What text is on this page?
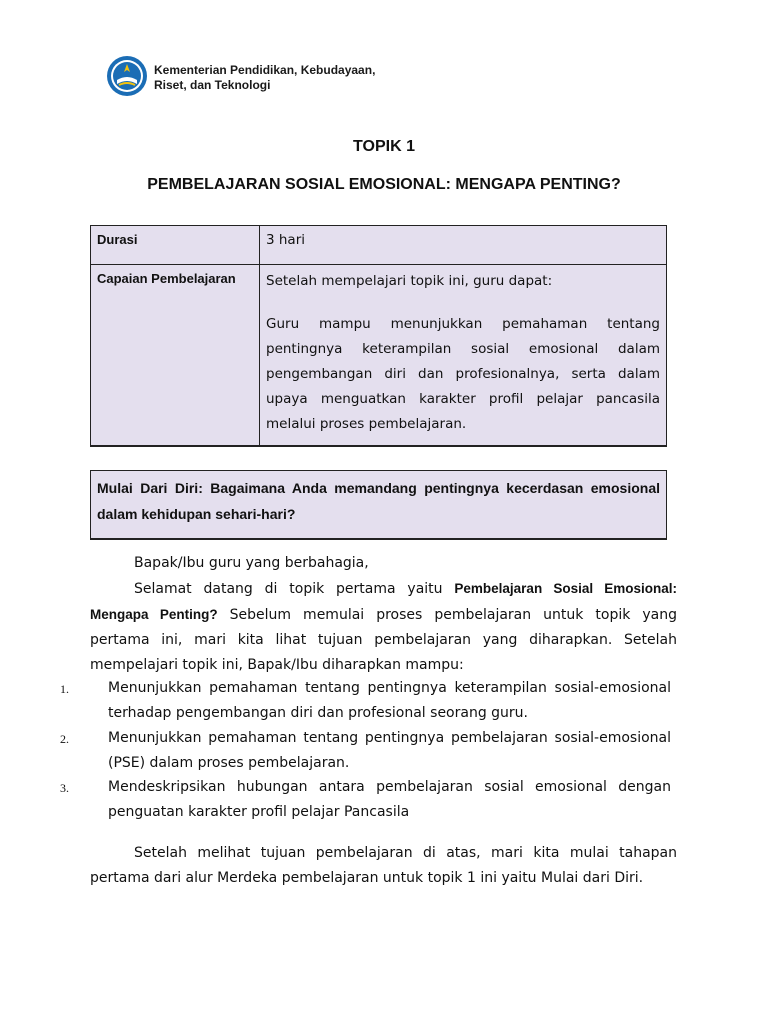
Kementerian Pendidikan, Kebudayaan,
Riset, dan Teknologi
TOPIK 1
PEMBELAJARAN SOSIAL EMOSIONAL: MENGAPA PENTING?
Durasi	3 hari
Capaian Pembelajaran	Setelah mempelajari topik ini, guru dapat:

Guru mampu menunjukkan pemahaman tentang pentingnya keterampilan sosial emosional dalam pengembangan diri dan profesionalnya, serta dalam upaya menguatkan karakter profil pelajar pancasila melalui proses pembelajaran.

Mulai Dari Diri: Bagaimana Anda memandang pentingnya kecerdasan emosional dalam kehidupan sehari-hari?
Bapak/Ibu guru yang berbahagia,
Selamat datang di topik pertama yaitu Pembelajaran Sosial Emosional: Mengapa Penting? Sebelum memulai proses pembelajaran untuk topik yang pertama ini, mari kita lihat tujuan pembelajaran yang diharapkan. Setelah mempelajari topik ini, Bapak/Ibu diharapkan mampu:
1.	Menunjukkan pemahaman tentang pentingnya keterampilan sosial-emosional terhadap pengembangan diri dan profesional seorang guru.
2.	Menunjukkan pemahaman tentang pentingnya pembelajaran sosial-emosional (PSE) dalam proses pembelajaran.
3.	Mendeskripsikan hubungan antara pembelajaran sosial emosional dengan penguatan karakter profil pelajar Pancasila
Setelah melihat tujuan pembelajaran di atas, mari kita mulai tahapan pertama dari alur Merdeka pembelajaran untuk topik 1 ini yaitu Mulai dari Diri.
